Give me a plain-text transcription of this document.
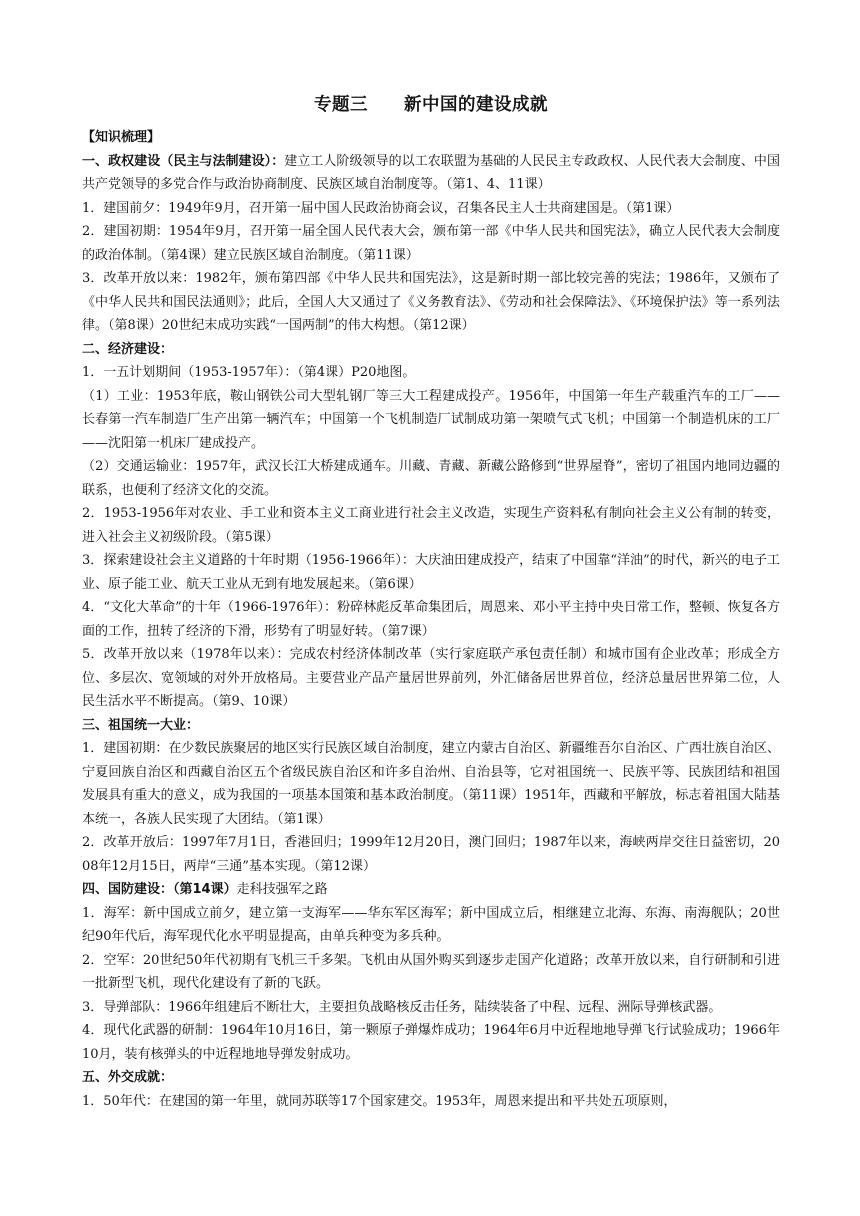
专题三　　新中国的建设成就

【知识梳理】

一、政权建设（民主与法制建设）：建立工人阶级领导的以工农联盟为基础的人民民主专政政权、人民代表大会制度、中国共产党领导的多党合作与政治协商制度、民族区域自治制度等。（第1、4、11课）

1．建国前夕：1949年9月，召开第一届中国人民政治协商会议，召集各民主人士共商建国是。（第1课）

2．建国初期：1954年9月，召开第一届全国人民代表大会，颁布第一部《中华人民共和国宪法》，确立人民代表大会制度的政治体制。（第4课）建立民族区域自治制度。（第11课）

3．改革开放以来：1982年，颁布第四部《中华人民共和国宪法》，这是新时期一部比较完善的宪法；1986年，又颁布了《中华人民共和国民法通则》；此后，全国人大又通过了《义务教育法》、《劳动和社会保障法》、《环境保护法》等一系列法律。（第8课）20世纪末成功实践“一国两制”的伟大构想。（第12课）

二、经济建设：

1．一五计划期间（1953-1957年）：（第4课）P20地图。

（1）工业：1953年底，鞍山钢铁公司大型轧钢厂等三大工程建成投产。1956年，中国第一年生产载重汽车的工厂——长春第一汽车制造厂生产出第一辆汽车；中国第一个飞机制造厂试制成功第一架喷气式飞机；中国第一个制造机床的工厂——沈阳第一机床厂建成投产。

（2）交通运输业：1957年，武汉长江大桥建成通车。川藏、青藏、新藏公路修到“世界屋脊”，密切了祖国内地同边疆的联系，也便利了经济文化的交流。

2．1953-1956年对农业、手工业和资本主义工商业进行社会主义改造，实现生产资料私有制向社会主义公有制的转变，进入社会主义初级阶段。（第5课）

3．探索建设社会主义道路的十年时期（1956-1966年）：大庆油田建成投产，结束了中国靠“洋油”的时代，新兴的电子工业、原子能工业、航天工业从无到有地发展起来。（第6课）

4．“文化大革命”的十年（1966-1976年）：粉碎林彪反革命集团后，周恩来、邓小平主持中央日常工作，整顿、恢复各方面的工作，扭转了经济的下滑，形势有了明显好转。（第7课）

5．改革开放以来（1978年以来）：完成农村经济体制改革（实行家庭联产承包责任制）和城市国有企业改革；形成全方位、多层次、宽领域的对外开放格局。主要营业产品产量居世界前列，外汇储备居世界首位，经济总量居世界第二位，人民生活水平不断提高。（第9、10课）

三、祖国统一大业：

1．建国初期：在少数民族聚居的地区实行民族区域自治制度，建立内蒙古自治区、新疆维吾尔自治区、广西壮族自治区、宁夏回族自治区和西藏自治区五个省级民族自治区和许多自治州、自治县等，它对祖国统一、民族平等、民族团结和祖国发展具有重大的意义，成为我国的一项基本国策和基本政治制度。（第11课）1951年，西藏和平解放，标志着祖国大陆基本统一，各族人民实现了大团结。（第1课）

2．改革开放后：1997年7月1日，香港回归；1999年12月20日，澳门回归；1987年以来，海峡两岸交往日益密切，2008年12月15日，两岸“三通”基本实现。（第12课）

四、国防建设：（第14课）走科技强军之路

1．海军：新中国成立前夕，建立第一支海军——华东军区海军；新中国成立后，相继建立北海、东海、南海舰队；20世纪90年代后，海军现代化水平明显提高，由单兵种变为多兵种。

2．空军：20世纪50年代初期有飞机三千多架。飞机由从国外购买到逐步走国产化道路；改革开放以来，自行研制和引进一批新型飞机，现代化建设有了新的飞跃。

3．导弹部队：1966年组建后不断壮大，主要担负战略核反击任务，陆续装备了中程、远程、洲际导弹核武器。

4．现代化武器的研制：1964年10月16日，第一颗原子弹爆炸成功；1964年6月中近程地地导弹飞行试验成功；1966年10月，装有核弹头的中近程地地导弹发射成功。

五、外交成就：

1．50年代：在建国的第一年里，就同苏联等17个国家建交。1953年，周恩来提出和平共处五项原则，
